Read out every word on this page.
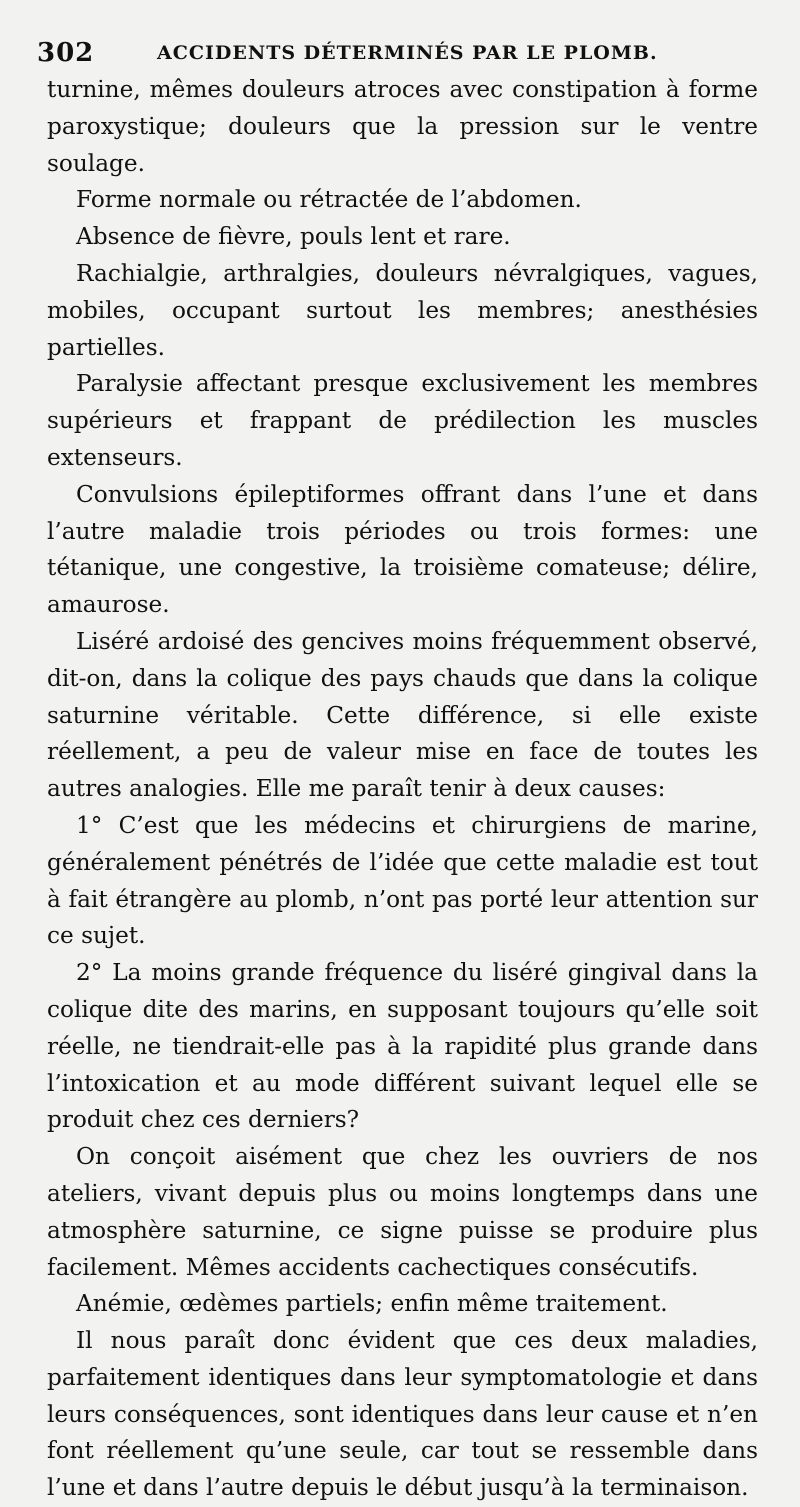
302	ACCIDENTS DÉTERMINÉS PAR LE PLOMB.

turnine, mêmes douleurs atroces avec constipation à forme paroxystique; douleurs que la pression sur le ventre soulage.

Forme normale ou rétractée de l’abdomen.

Absence de fièvre, pouls lent et rare.

Rachialgie, arthralgies, douleurs névralgiques, vagues, mobiles, occupant surtout les membres; anesthésies partielles.

Paralysie affectant presque exclusivement les membres supérieurs et frappant de prédilection les muscles extenseurs.

Convulsions épileptiformes offrant dans l’une et dans l’autre maladie trois périodes ou trois formes: une tétanique, une congestive, la troisième comateuse; délire, amaurose.

Liséré ardoisé des gencives moins fréquemment observé, dit-on, dans la colique des pays chauds que dans la colique saturnine véritable. Cette différence, si elle existe réellement, a peu de valeur mise en face de toutes les autres analogies. Elle me paraît tenir à deux causes:

1° C’est que les médecins et chirurgiens de marine, généralement pénétrés de l’idée que cette maladie est tout à fait étrangère au plomb, n’ont pas porté leur attention sur ce sujet.

2° La moins grande fréquence du liséré gingival dans la colique dite des marins, en supposant toujours qu’elle soit réelle, ne tiendrait-elle pas à la rapidité plus grande dans l’intoxication et au mode différent suivant lequel elle se produit chez ces derniers?

On conçoit aisément que chez les ouvriers de nos ateliers, vivant depuis plus ou moins longtemps dans une atmosphère saturnine, ce signe puisse se produire plus facilement. Mêmes accidents cachectiques consécutifs.

Anémie, œdèmes partiels; enfin même traitement.

Il nous paraît donc évident que ces deux maladies, parfaitement identiques dans leur symptomatologie et dans leurs conséquences, sont identiques dans leur cause et n’en font réellement qu’une seule, car tout se ressemble dans l’une et dans l’autre depuis le début jusqu’à la terminaison.
